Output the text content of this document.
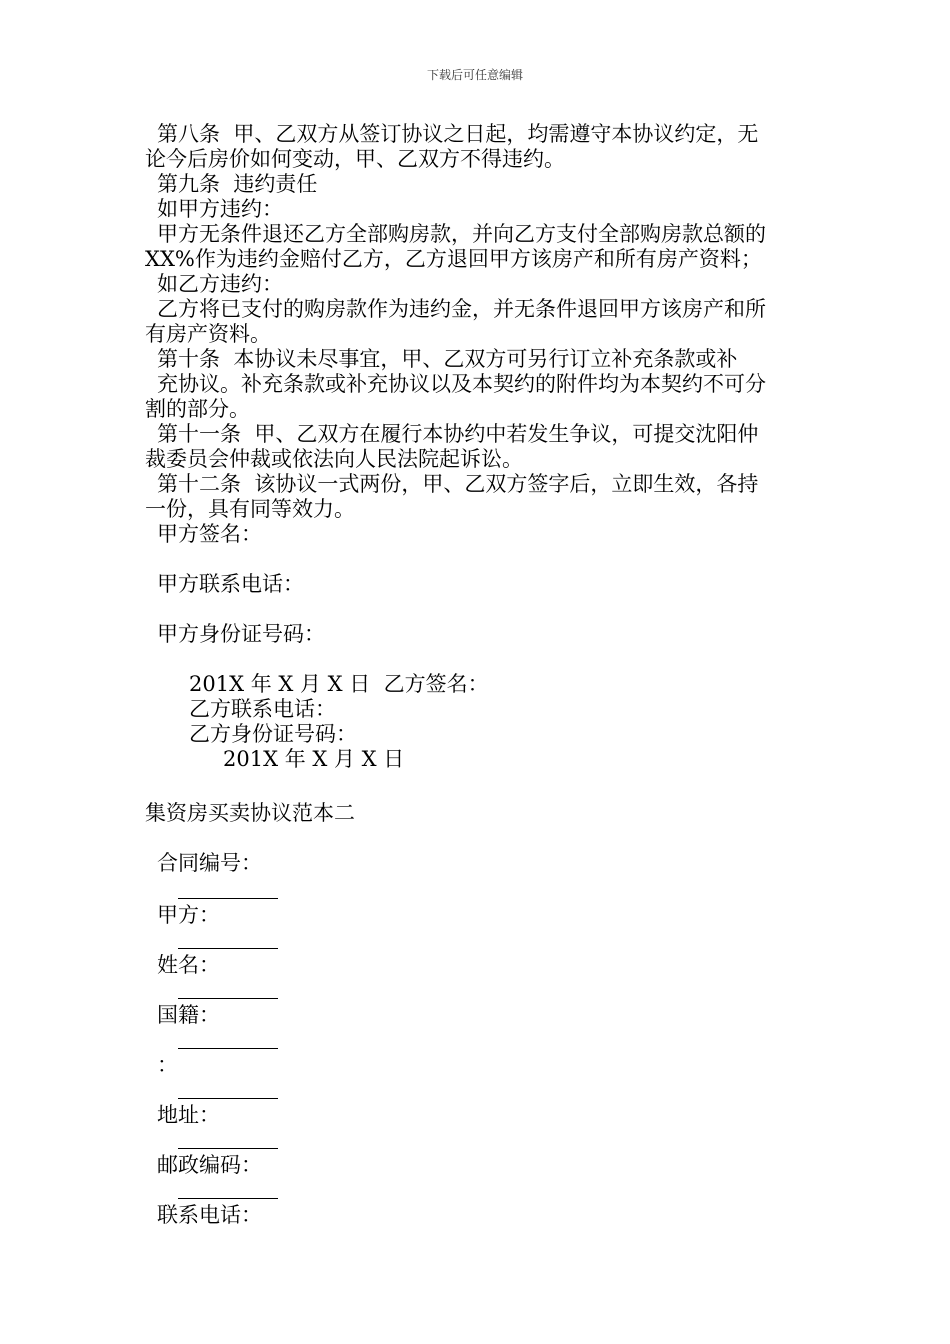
下载后可任意编辑
第八条  甲、乙双方从签订协议之日起，均需遵守本协议约定，无
论今后房价如何变动，甲、乙双方不得违约。
第九条  违约责任
如甲方违约：
甲方无条件退还乙方全部购房款，并向乙方支付全部购房款总额的
XX%作为违约金赔付乙方，乙方退回甲方该房产和所有房产资料；
如乙方违约：
乙方将已支付的购房款作为违约金，并无条件退回甲方该房产和所
有房产资料。
第十条  本协议未尽事宜，甲、乙双方可另行订立补充条款或补
充协议。补充条款或补充协议以及本契约的附件均为本契约不可分
割的部分。
第十一条  甲、乙双方在履行本协约中若发生争议，可提交沈阳仲
裁委员会仲裁或依法向人民法院起诉讼。
第十二条  该协议一式两份，甲、乙双方签字后，立即生效，各持
一份，具有同等效力。
甲方签名：
甲方联系电话：
甲方身份证号码：
201X 年 X 月 X 日  乙方签名：
乙方联系电话：
乙方身份证号码：
201X 年 X 月 X 日
集资房买卖协议范本二
合同编号：
甲方：
姓名：
国籍：
：
地址：
邮政编码：
联系电话：
